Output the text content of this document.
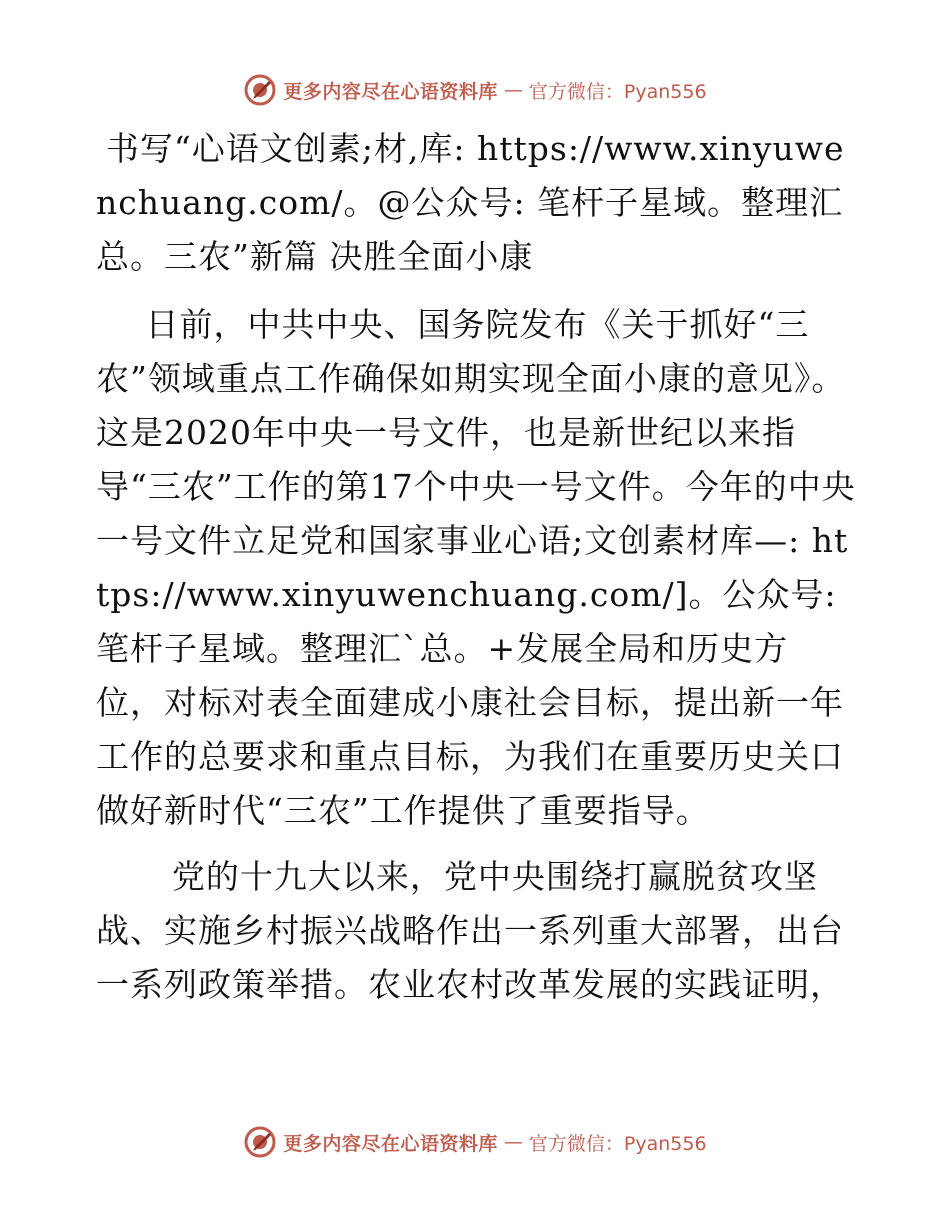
更多内容尽在心语资料库 — 官方微信：Pyan556

书写“心语文创素;材,库: https://www.xinyuwenchuang.com/。@公众号: 笔杆子星域。整理汇总。三农”新篇 决胜全面小康

日前，中共中央、国务院发布《关于抓好“三农”领域重点工作确保如期实现全面小康的意见》。这是2020年中央一号文件，也是新世纪以来指导“三农”工作的第17个中央一号文件。今年的中央一号文件立足党和国家事业心语;文创素材库—: https://www.xinyuwenchuang.com/]。公众号: 笔杆子星域。整理汇`总。+发展全局和历史方位，对标对表全面建成小康社会目标，提出新一年工作的总要求和重点目标，为我们在重要历史关口做好新时代“三农”工作提供了重要指导。

党的十九大以来，党中央围绕打赢脱贫攻坚战、实施乡村振兴战略作出一系列重大部署，出台一系列政策举措。农业农村改革发展的实践证明，

更多内容尽在心语资料库 — 官方微信：Pyan556
